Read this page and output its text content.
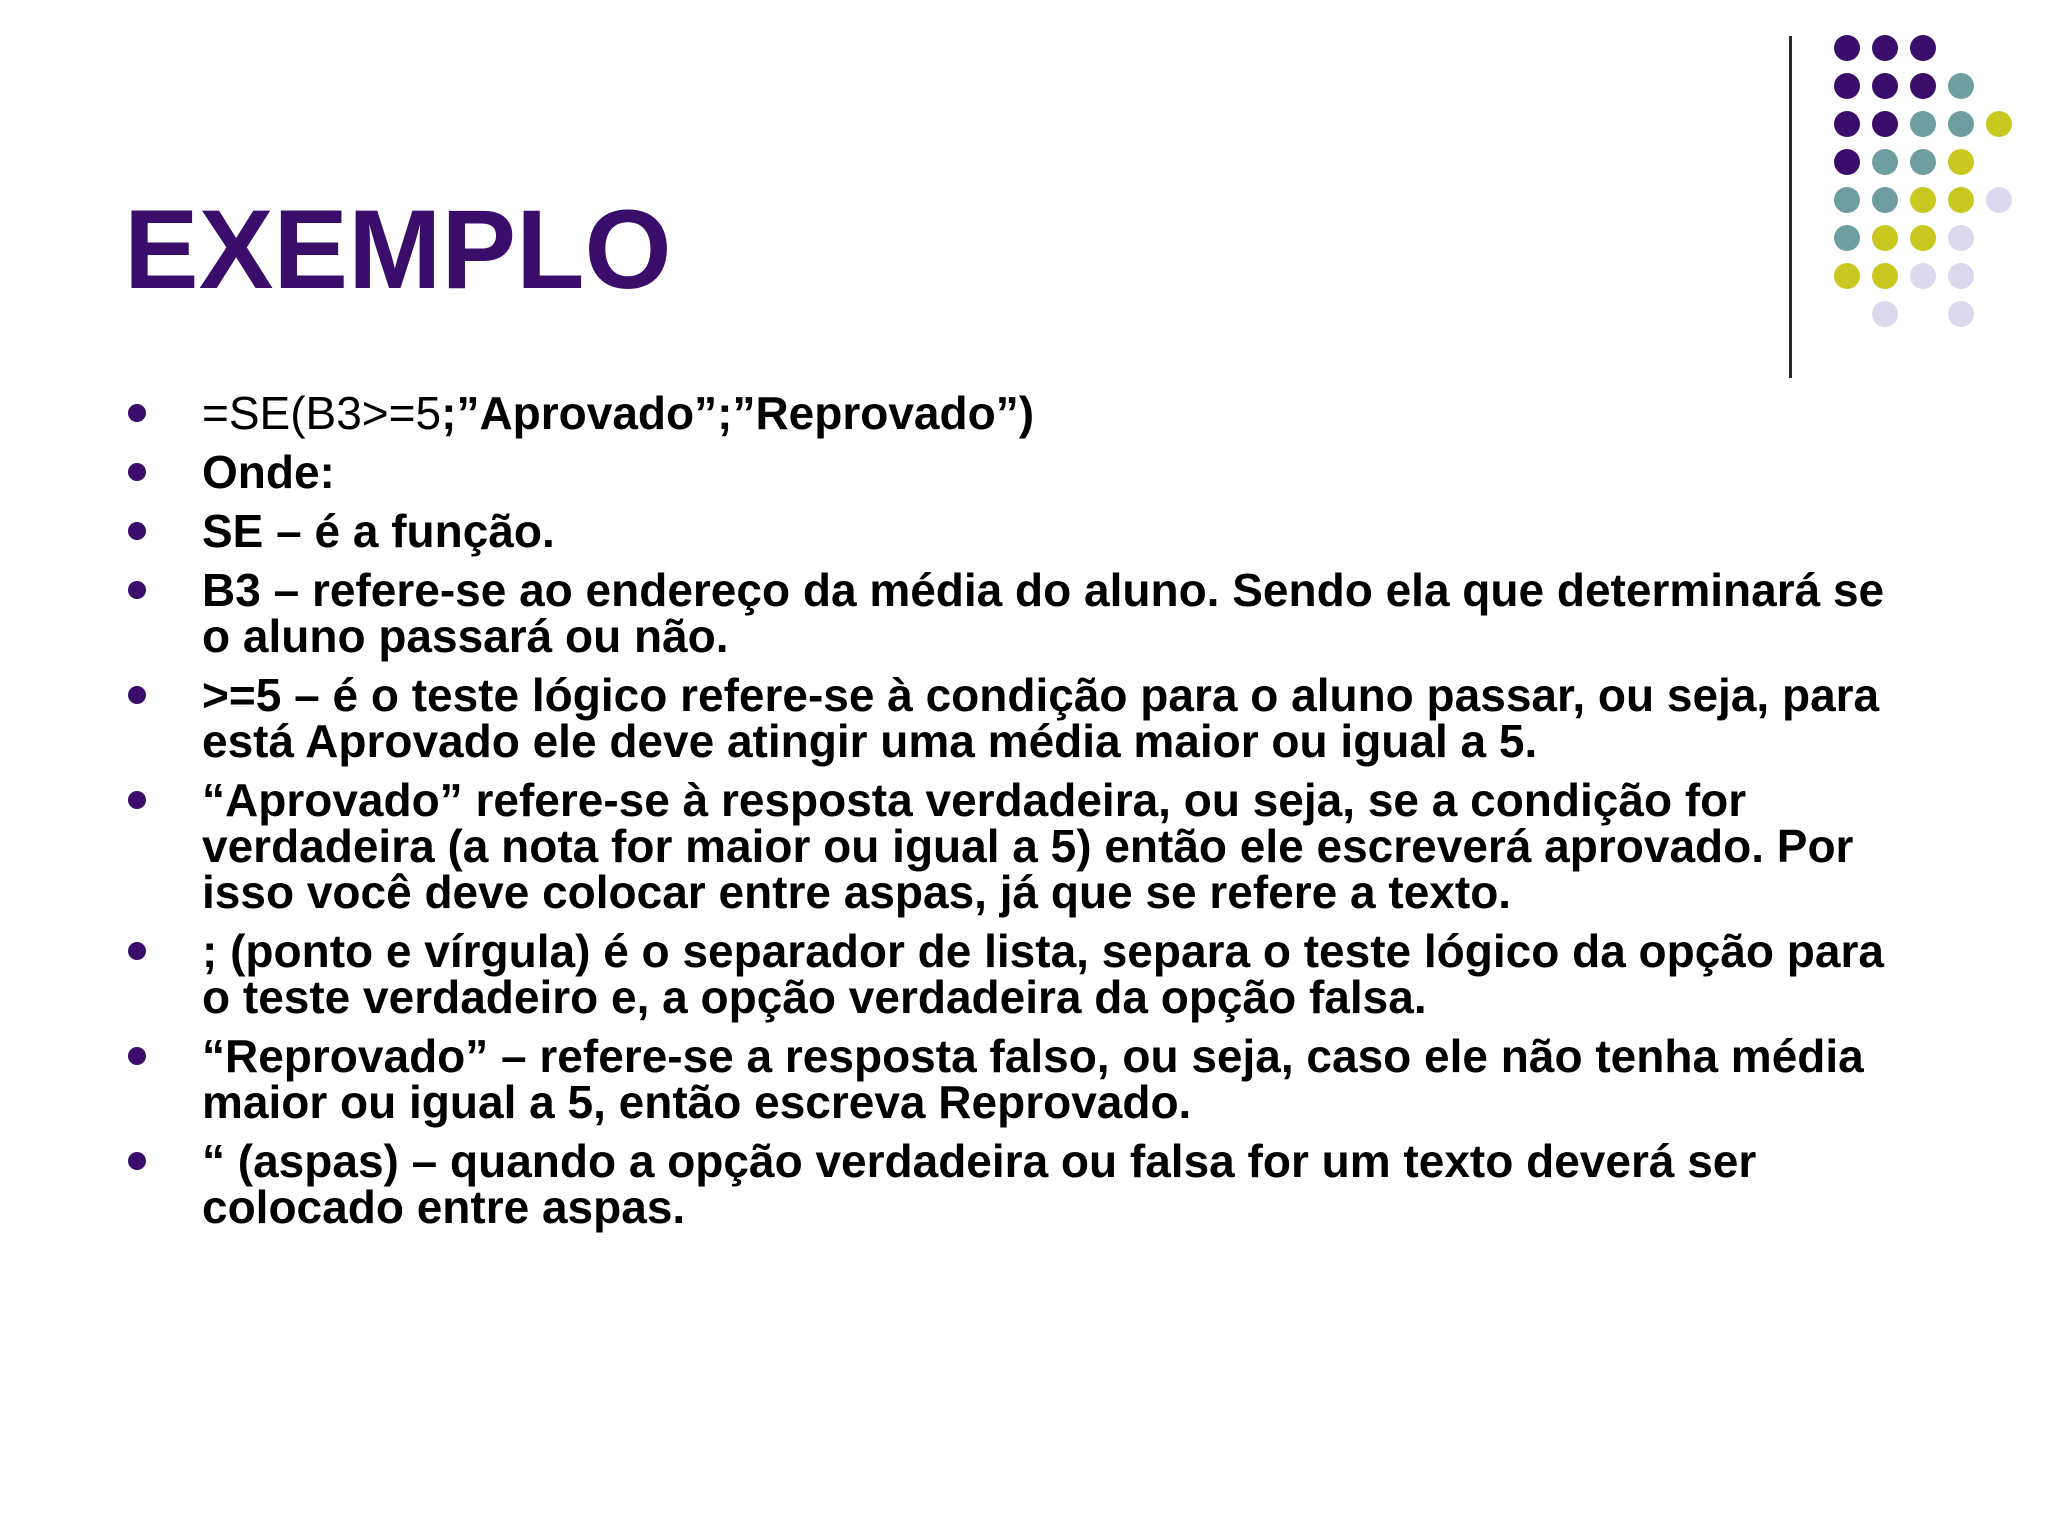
EXEMPLO
=SE(B3>=5;”Aprovado”;”Reprovado”)
Onde:
SE – é a função.
B3 – refere-se ao endereço da média do aluno. Sendo ela que determinará se o aluno passará ou não.
>=5 – é o teste lógico refere-se à condição para o aluno passar, ou seja, para está Aprovado ele deve atingir uma média maior ou igual a 5.
“Aprovado” refere-se à resposta verdadeira, ou seja, se a condição for verdadeira (a nota for maior ou igual a 5) então ele escreverá aprovado. Por isso você deve colocar entre aspas, já que se refere a texto.
; (ponto e vírgula) é o separador de lista, separa o teste lógico da opção para o teste verdadeiro e, a opção verdadeira da opção falsa.
“Reprovado” – refere-se a resposta falso, ou seja, caso ele não tenha média maior ou igual a 5, então escreva Reprovado.
“ (aspas) – quando a opção verdadeira ou falsa for um texto deverá ser colocado entre aspas.
